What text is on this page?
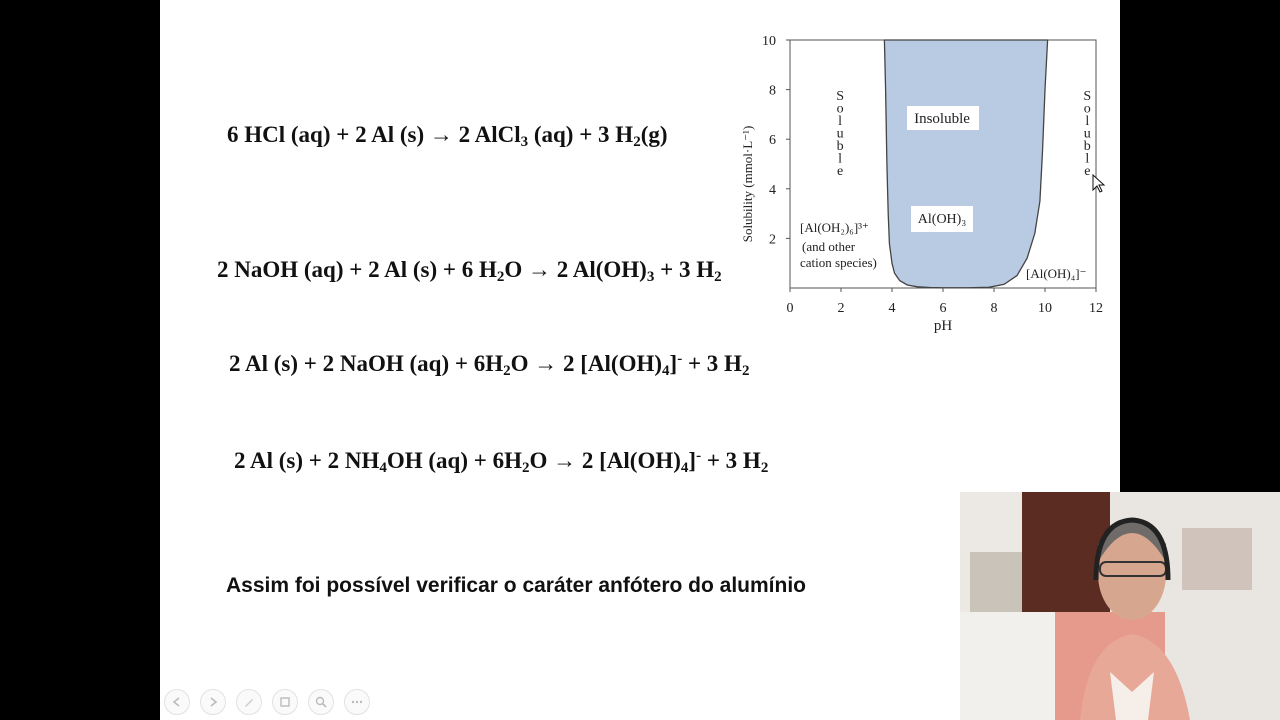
6 HCl (aq) + 2 Al (s) → 2 AlCl$_3$ (aq) + 3 $H_2(g)$
2 NaOH (aq) + 2 Al (s) + 6 $H_2O \to 2$ $Al(OH)_3 + 3$ $H_2$
2 Al (s) + 2 NaOH $(aq) + 6H_2O \to 2$ $[Al(OH)_4]^- + 3$ $H_2$
2 Al (s) + 2 $NH_4OH$ $(aq) + 6H_2O \to 2$ $[Al(OH)_4]^- + 3$ $H_2$
Assim foi possível verificar o caráter anfótero do alumínio
0	2	4	6	8	10	12
2
4
6
8
10
pH
Solubility (mmol·L⁻¹)
S
o
l
u
b
l
e
S
o
l
u
b
l
e
Insoluble
Al(OH)₃
[Al(OH₂)₆]³⁺
(and other
cation species)
[Al(OH)₄]⁻
